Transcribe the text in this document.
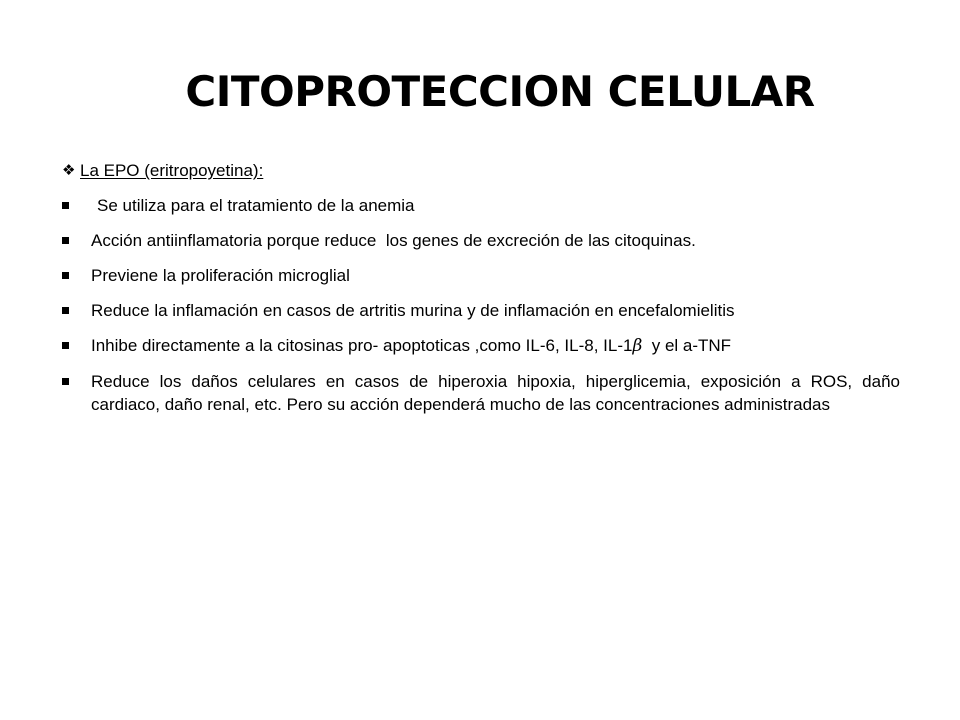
CITOPROTECCION CELULAR
❖ La EPO (eritropoyetina):
Se utiliza para el tratamiento de la anemia
Acción antiinflamatoria porque reduce  los genes de excreción de las citoquinas.
Previene la proliferación microglial
Reduce la inflamación en casos de artritis murina y de inflamación en encefalomielitis
Inhibe directamente a la citosinas pro- apoptoticas ,como IL-6, IL-8, IL-1β  y el a-TNF
Reduce los daños celulares en casos de hiperoxia hipoxia, hiperglicemia, exposición a ROS, daño cardiaco, daño renal, etc. Pero su acción dependerá mucho de las concentraciones administradas
